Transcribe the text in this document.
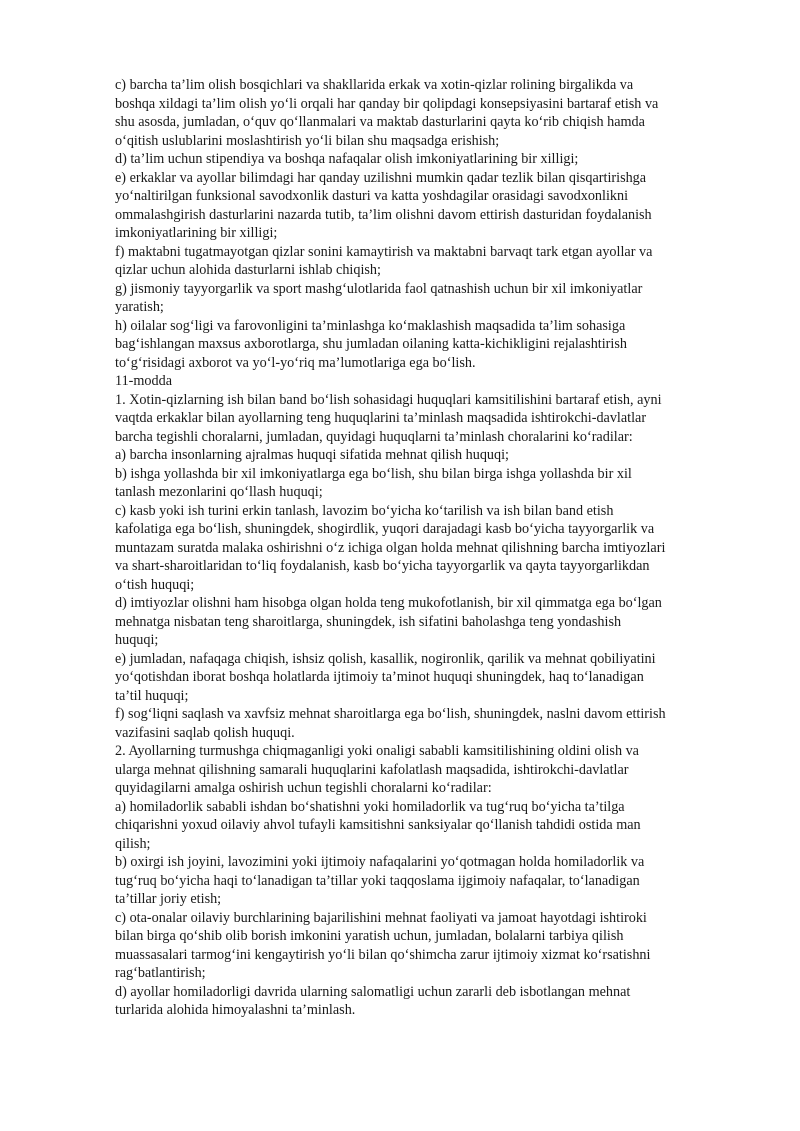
c) barcha ta’lim olish bosqichlari va shakllarida erkak va xotin-qizlar rolining birgalikda va
boshqa xildagi ta’lim olish yo‘li orqali har qanday bir qolipdagi konsepsiyasini bartaraf etish va
shu asosda, jumladan, o‘quv qo‘llanmalari va maktab dasturlarini qayta ko‘rib chiqish hamda
o‘qitish uslublarini moslashtirish yo‘li bilan shu maqsadga erishish;
d) ta’lim uchun stipendiya va boshqa nafaqalar olish imkoniyatlarining bir xilligi;
e) erkaklar va ayollar bilimdagi har qanday uzilishni mumkin qadar tezlik bilan qisqartirishga
yo‘naltirilgan funksional savodxonlik dasturi va katta yoshdagilar orasidagi savodxonlikni
ommalashgirish dasturlarini nazarda tutib, ta’lim olishni davom ettirish dasturidan foydalanish
imkoniyatlarining bir xilligi;
f) maktabni tugatmayotgan qizlar sonini kamaytirish va maktabni barvaqt tark etgan ayollar va
qizlar uchun alohida dasturlarni ishlab chiqish;
g) jismoniy tayyorgarlik va sport mashg‘ulotlarida faol qatnashish uchun bir xil imkoniyatlar
yaratish;
h) oilalar sog‘ligi va farovonligini ta’minlashga ko‘maklashish maqsadida ta’lim sohasiga
bag‘ishlangan maxsus axborotlarga, shu jumladan oilaning katta-kichikligini rejalashtirish
to‘g‘risidagi axborot va yo‘l-yo‘riq ma’lumotlariga ega bo‘lish.
11-modda
1. Xotin-qizlarning ish bilan band bo‘lish sohasidagi huquqlari kamsitilishini bartaraf etish, ayni
vaqtda erkaklar bilan ayollarning teng huquqlarini ta’minlash maqsadida ishtirokchi-davlatlar
barcha tegishli choralarni, jumladan, quyidagi huquqlarni ta’minlash choralarini ko‘radilar:
a) barcha insonlarning ajralmas huquqi sifatida mehnat qilish huquqi;
b) ishga yollashda bir xil imkoniyatlarga ega bo‘lish, shu bilan birga ishga yollashda bir xil
tanlash mezonlarini qo‘llash huquqi;
c) kasb yoki ish turini erkin tanlash, lavozim bo‘yicha ko‘tarilish va ish bilan band etish
kafolatiga ega bo‘lish, shuningdek, shogirdlik, yuqori darajadagi kasb bo‘yicha tayyorgarlik va
muntazam suratda malaka oshirishni o‘z ichiga olgan holda mehnat qilishning barcha imtiyozlari
va shart-sharoitlaridan to‘liq foydalanish, kasb bo‘yicha tayyorgarlik va qayta tayyorgarlikdan
o‘tish huquqi;
d) imtiyozlar olishni ham hisobga olgan holda teng mukofotlanish, bir xil qimmatga ega bo‘lgan
mehnatga nisbatan teng sharoitlarga, shuningdek, ish sifatini baholashga teng yondashish
huquqi;
e) jumladan, nafaqaga chiqish, ishsiz qolish, kasallik, nogironlik, qarilik va mehnat qobiliyatini
yo‘qotishdan iborat boshqa holatlarda ijtimoiy ta’minot huquqi shuningdek, haq to‘lanadigan
ta’til huquqi;
f) sog‘liqni saqlash va xavfsiz mehnat sharoitlarga ega bo‘lish, shuningdek, naslni davom ettirish
vazifasini saqlab qolish huquqi.
2. Ayollarning turmushga chiqmaganligi yoki onaligi sababli kamsitilishining oldini olish va
ularga mehnat qilishning samarali huquqlarini kafolatlash maqsadida, ishtirokchi-davlatlar
quyidagilarni amalga oshirish uchun tegishli choralarni ko‘radilar:
a) homiladorlik sababli ishdan bo‘shatishni yoki homiladorlik va tug‘ruq bo‘yicha ta’tilga
chiqarishni yoxud oilaviy ahvol tufayli kamsitishni sanksiyalar qo‘llanish tahdidi ostida man
qilish;
b) oxirgi ish joyini, lavozimini yoki ijtimoiy nafaqalarini yo‘qotmagan holda homiladorlik va
tug‘ruq bo‘yicha haqi to‘lanadigan ta’tillar yoki taqqoslama ijgimoiy nafaqalar, to‘lanadigan
ta’tillar joriy etish;
c) ota-onalar oilaviy burchlarining bajarilishini mehnat faoliyati va jamoat hayotdagi ishtiroki
bilan birga qo‘shib olib borish imkonini yaratish uchun, jumladan, bolalarni tarbiya qilish
muassasalari tarmog‘ini kengaytirish yo‘li bilan qo‘shimcha zarur ijtimoiy xizmat ko‘rsatishni
rag‘batlantirish;
d) ayollar homiladorligi davrida ularning salomatligi uchun zararli deb isbotlangan mehnat
turlarida alohida himoyalashni ta’minlash.
